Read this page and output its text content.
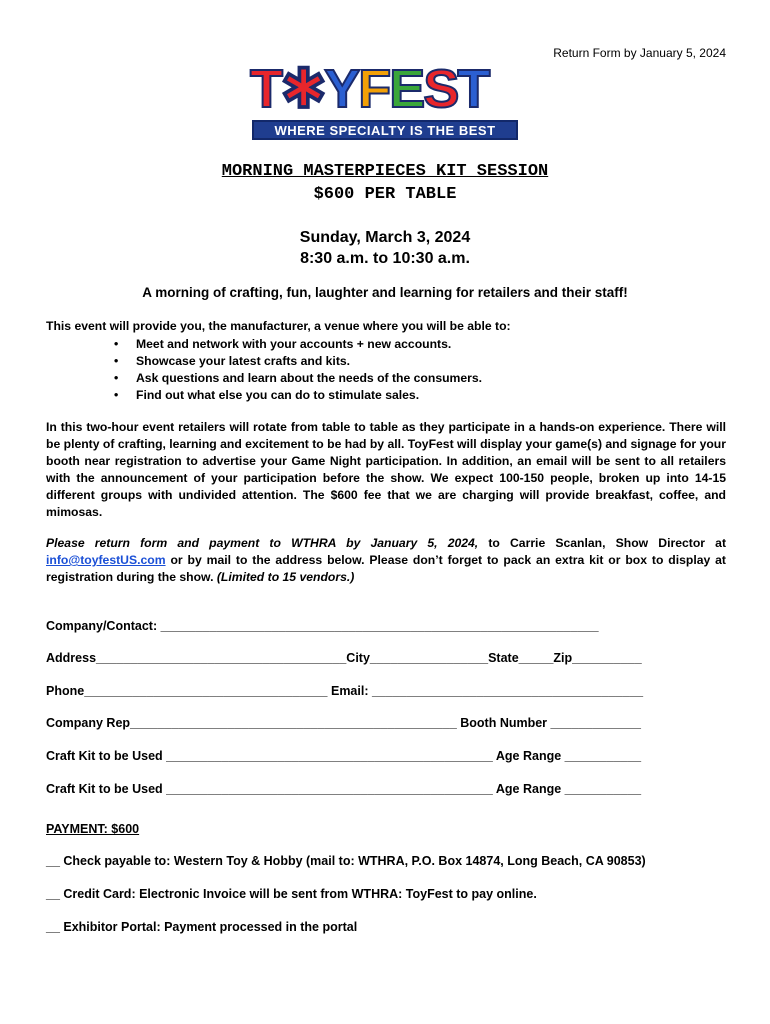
Return Form by January 5, 2024
T✱YFEST
WHERE SPECIALTY IS THE BEST
MORNING MASTERPIECES KIT SESSION
$600 PER TABLE
Sunday, March 3, 2024
8:30 a.m. to 10:30 a.m.
A morning of crafting, fun, laughter and learning for retailers and their staff!
This event will provide you, the manufacturer, a venue where you will be able to:
• Meet and network with your accounts + new accounts.
• Showcase your latest crafts and kits.
• Ask questions and learn about the needs of the consumers.
• Find out what else you can do to stimulate sales.

In this two-hour event retailers will rotate from table to table as they participate in a hands-on experience. There will be plenty of crafting, learning and excitement to be had by all. ToyFest will display your game(s) and signage for your booth near registration to advertise your Game Night participation. In addition, an email will be sent to all retailers with the announcement of your participation before the show. We expect 100-150 people, broken up into 14-15 different groups with undivided attention. The $600 fee that we are charging will provide breakfast, coffee, and mimosas.

Please return form and payment to WTHRA by January 5, 2024, to Carrie Scanlan, Show Director at info@toyfestUS.com or by mail to the address below. Please don’t forget to pack an extra kit or box to display at registration during the show. (Limited to 15 vendors.)

Company/Contact: _______________________________________________________________
Address____________________________________City_________________State_____Zip__________
Phone___________________________________ Email: _______________________________________
Company Rep_______________________________________________ Booth Number _____________
Craft Kit to be Used _______________________________________________ Age Range ___________
Craft Kit to be Used _______________________________________________ Age Range ___________
PAYMENT: $600
__ Check payable to: Western Toy & Hobby (mail to: WTHRA, P.O. Box 14874, Long Beach, CA 90853)
__ Credit Card: Electronic Invoice will be sent from WTHRA: ToyFest to pay online.
__ Exhibitor Portal: Payment processed in the portal
